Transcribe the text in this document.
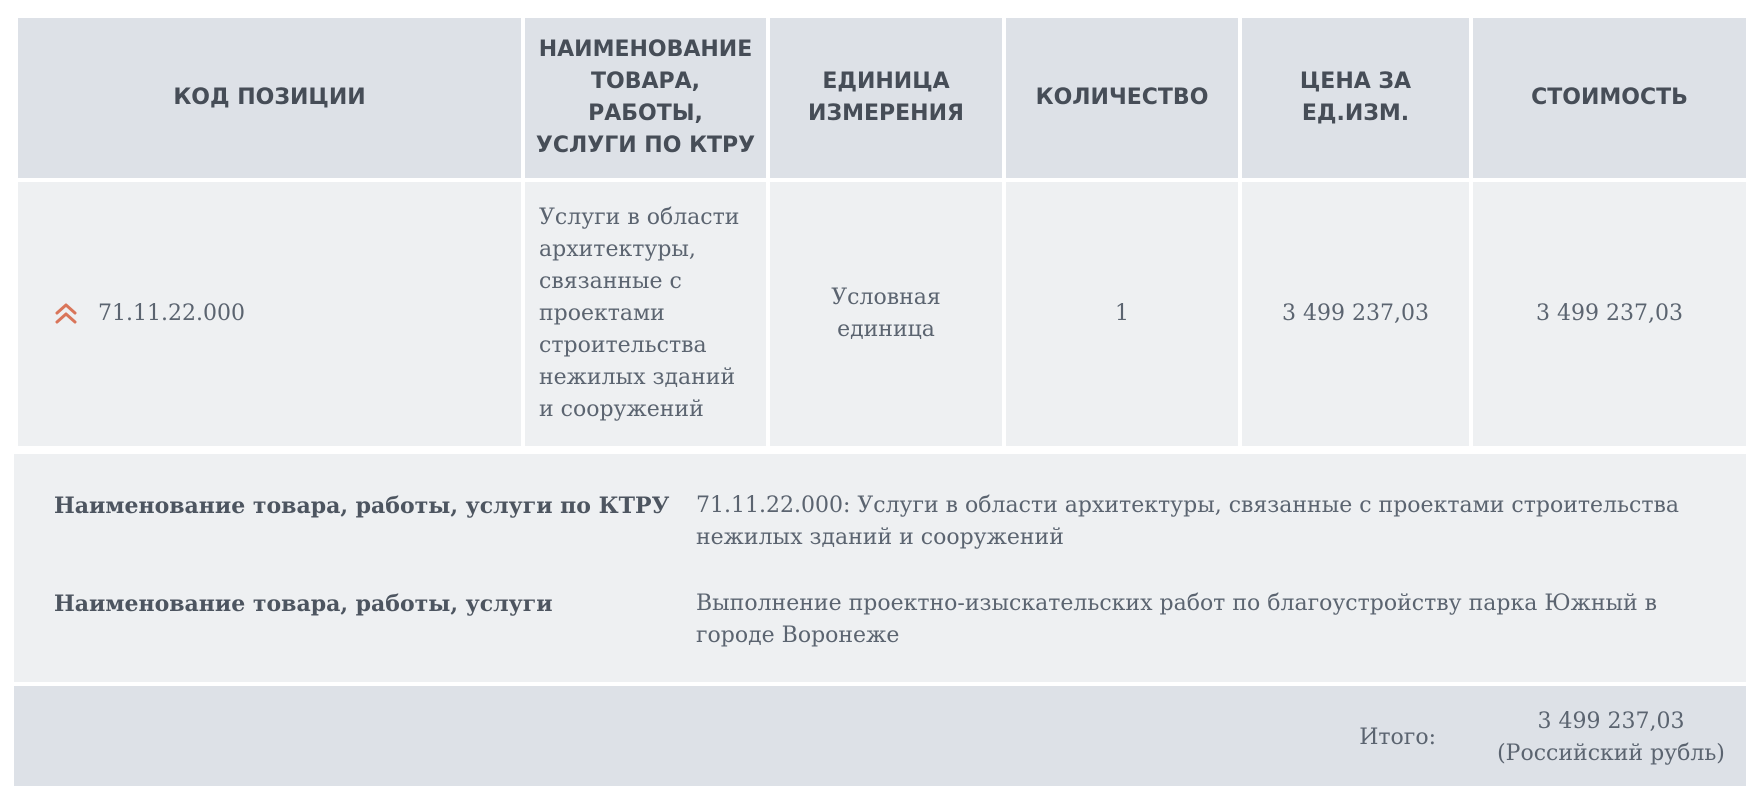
КОД ПОЗИЦИИ	НАИМЕНОВАНИЕ ТОВАРА, РАБОТЫ, УСЛУГИ ПО КТРУ	ЕДИНИЦА ИЗМЕРЕНИЯ	КОЛИЧЕСТВО	ЦЕНА ЗА ЕД.ИЗМ.	СТОИМОСТЬ

71.11.22.000	Услуги в области архитектуры, связанные с проектами строительства нежилых зданий и сооружений	Условная единица	1	3 499 237,03	3 499 237,03
Наименование товара, работы, услуги по КТРУ	71.11.22.000: Услуги в области архитектуры, связанные с проектами строительства нежилых зданий и сооружений
Наименование товара, работы, услуги	Выполнение проектно-изыскательских работ по благоустройству парка Южный в городе Воронеже
Итого:
3 499 237,03
(Российский рубль)
